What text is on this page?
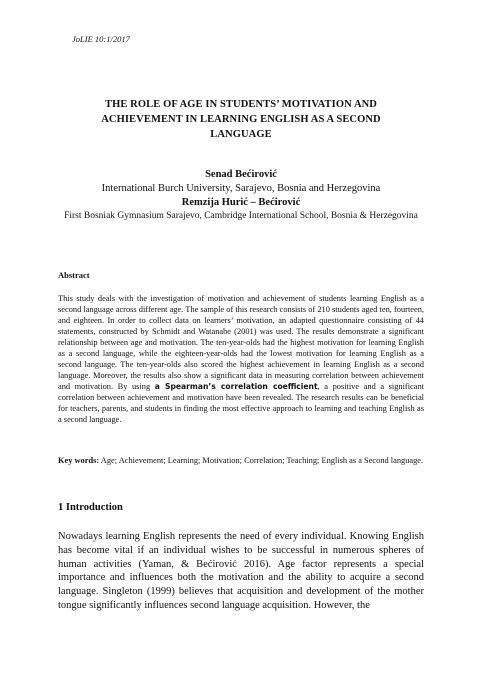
JoLIE 10:1/2017
THE ROLE OF AGE IN STUDENTS’ MOTIVATION AND ACHIEVEMENT IN LEARNING ENGLISH AS A SECOND LANGUAGE
Senad Bećirović
International Burch University, Sarajevo, Bosnia and Herzegovina
Remzija Hurić – Bećirović
First Bosniak Gymnasium Sarajevo, Cambridge International School, Bosnia & Herzegovina
Abstract
This study deals with the investigation of motivation and achievement of students learning English as a second language across different age. The sample of this research consists of 210 students aged ten, fourteen, and eighteen. In order to collect data on learners’ motivation, an adapted questionnaire consisting of 44 statements, constructed by Schmidt and Watanabe (2001) was used. The results demonstrate a significant relationship between age and motivation. The ten-year-olds had the highest motivation for learning English as a second language, while the eighteen-year-olds had the lowest motivation for learning English as a second language. The ten-year-olds also scored the highest achievement in learning English as a second language. Moreover, the results also show a significant data in measuring correlation between achievement and motivation. By using a Spearman’s correlation coefficient, a positive and a significant correlation between achievement and motivation have been revealed. The research results can be beneficial for teachers, parents, and students in finding the most effective approach to learning and teaching English as a second language.
Key words: Age; Achievement; Learning; Motivation; Correlation; Teaching; English as a Second language.
1 Introduction
Nowadays learning English represents the need of every individual. Knowing English has become vital if an individual wishes to be successful in numerous spheres of human activities (Yaman, & Bećirović 2016). Age factor represents a special importance and influences both the motivation and the ability to acquire a second language. Singleton (1999) believes that acquisition and development of the mother tongue significantly influences second language acquisition. However, the
